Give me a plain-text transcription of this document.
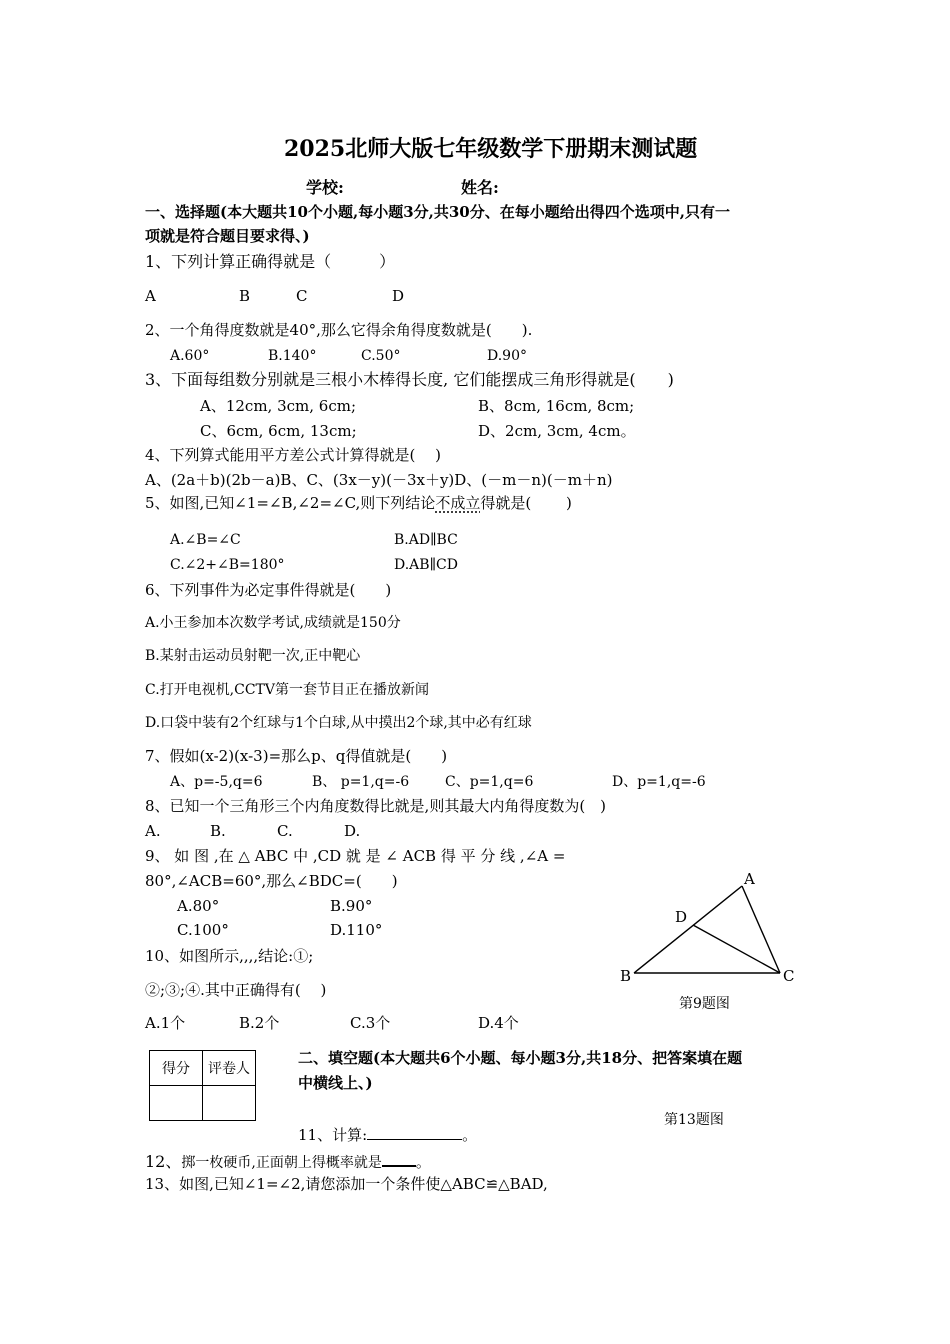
2025北师大版七年级数学下册期末测试题
学校:	姓名:
一、选择题(本大题共10个小题,每小题3分,共30分、在每小题给出得四个选项中,只有一
项就是符合题目要求得、)
1、下列计算正确得就是（　　　）
A	B	C	D
2、一个角得度数就是40°,那么它得余角得度数就是(　　).
A.60°	B.140°	C.50°	D.90°
3、下面每组数分别就是三根小木棒得长度, 它们能摆成三角形得就是(　　)
A、12cm, 3cm, 6cm;	B、8cm, 16cm, 8cm;
C、6cm, 6cm, 13cm;	D、2cm, 3cm, 4cm。
4、下列算式能用平方差公式计算得就是(　 )
A、(2a＋b)(2b－a)B、C、(3x－y)(－3x＋y)D、(－m－n)(－m＋n)
5、如图,已知∠1=∠B,∠2=∠C,则下列结论不成立得就是(　　 )
A.∠B=∠C	B.AD∥BC
C.∠2+∠B=180°	D.AB∥CD
6、下列事件为必定事件得就是(　　)
A.小王参加本次数学考试,成绩就是150分
B.某射击运动员射靶一次,正中靶心
C.打开电视机,CCTV第一套节目正在播放新闻
D.口袋中装有2个红球与1个白球,从中摸出2个球,其中必有红球
7、假如(x-2)(x-3)=那么p、q得值就是(　　)
A、p=-5,q=6	B、 p=1,q=-6	C、p=1,q=6	D、p=1,q=-6
8、已知一个三角形三个内角度数得比就是,则其最大内角得度数为(　)
A.	B.	C.	D.
9、 如 图 ,在 △ ABC 中 ,CD 就 是 ∠ ACB 得 平 分 线 ,∠A =
80°,∠ACB=60°,那么∠BDC=(　　)
A.80°	B.90°
C.100°	D.110°
10、如图所示,,,,结论:①;
②;③;④.其中正确得有(　 )
A.1个	B.2个	C.3个	D.4个
A
B	C
D
第9题图
得分	评卷人

二、填空题(本大题共6个小题、每小题3分,共18分、把答案填在题
中横线上、)
第13题图
11、计算:	。
12、掷一枚硬币,正面朝上得概率就是 。
13、如图,已知∠1=∠2,请您添加一个条件使△ABC≌△BAD,
